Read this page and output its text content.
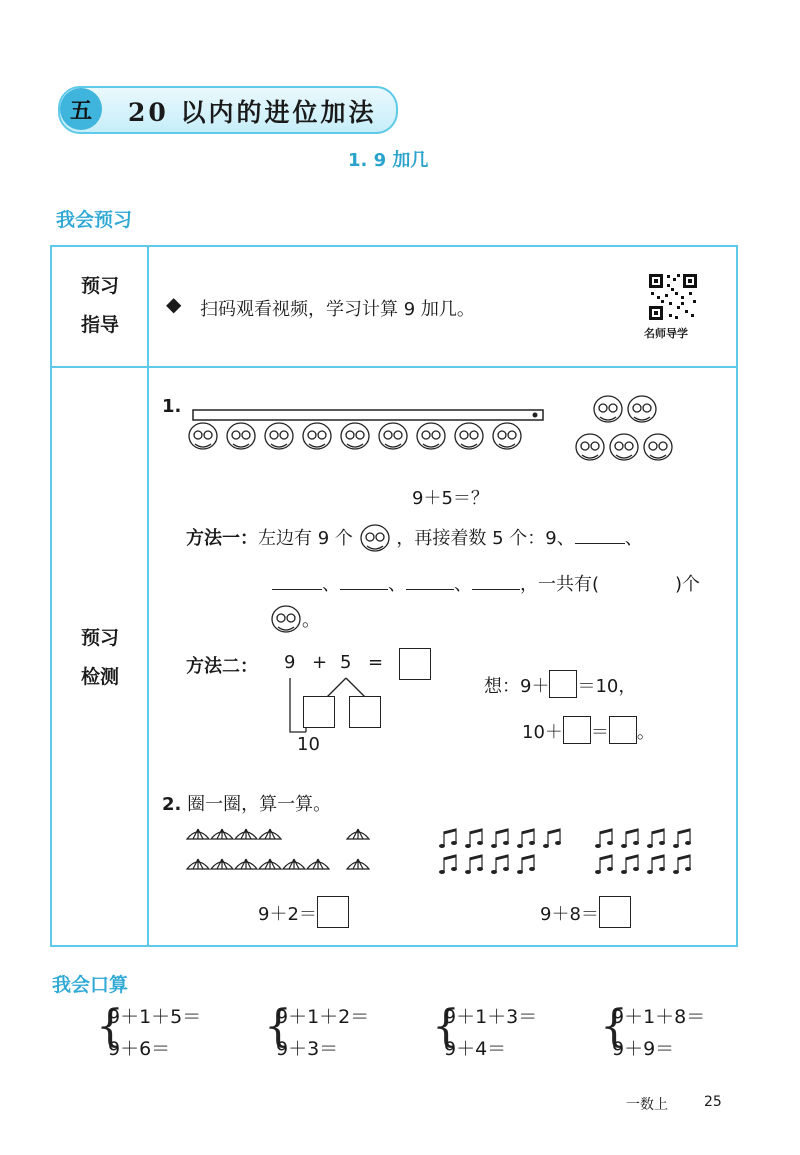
五	20 以内的进位加法
1. 9 加几
我会预习
预习
指导
◆ 扫码观看视频，学习计算 9 加几。
名师导学
预习
检测
1.
9＋5＝？
方法一：左边有 9 个 ，再接着数 5 个：9、	、
、	、	、	，一共有(	)个
。
方法二： 9 + 5 =
10
想：9＋ ＝10，
10＋ ＝ 。
2. 圈一圈，算一算。
9＋2＝	9＋8＝
我会口算
{
9＋1＋5＝
9＋6＝ {
9＋1＋2＝
9＋3＝ {
9＋1＋3＝
9＋4＝ {
9＋1＋8＝
9＋9＝
一数上	25
